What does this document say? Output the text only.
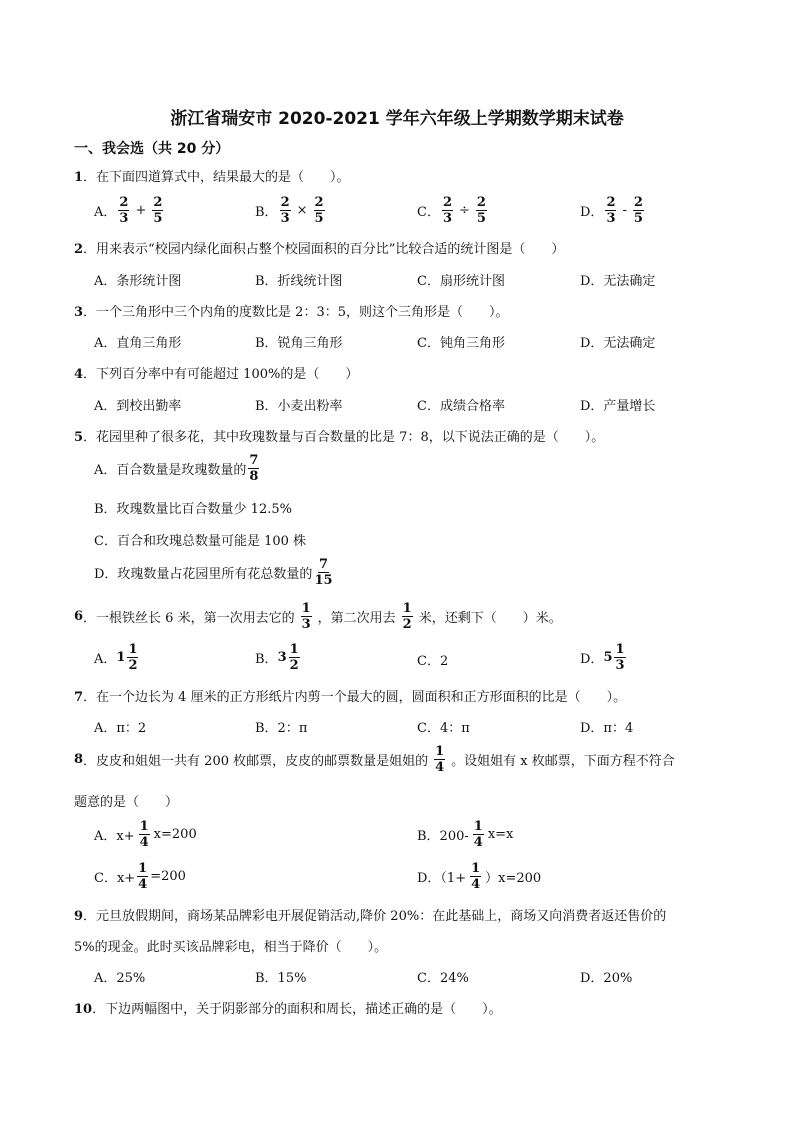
浙江省瑞安市 2020-2021 学年六年级上学期数学期末试卷
一、我会选（共 20 分）
1．在下面四道算式中，结果最大的是（　　）。
A． $\frac{2}{3} + \frac{2}{5}$	B． $\frac{2}{3} \times \frac{2}{5}$	C． $\frac{2}{3} \div \frac{2}{5}$	D． $\frac{2}{3} - \frac{2}{5}$
2．用来表示“校园内绿化面积占整个校园面积的百分比”比较合适的统计图是（　　）
A．条形统计图	B．折线统计图	C．扇形统计图	D．无法确定
3．一个三角形中三个内角的度数比是 2：3：5，则这个三角形是（　　）。
A．直角三角形	B．锐角三角形	C．钝角三角形	D．无法确定
4．下列百分率中有可能超过 100%的是（　　）
A．到校出勤率	B．小麦出粉率	C．成绩合格率	D．产量增长
5．花园里种了很多花，其中玫瑰数量与百合数量的比是 7：8，以下说法正确的是（　　）。
A．百合数量是玫瑰数量的 $\frac{7}{8}$
B．玫瑰数量比百合数量少 12.5%
C．百合和玫瑰总数量可能是 100 株
D．玫瑰数量占花园里所有花总数量的 $\frac{7}{15}$
6 ．一根铁丝长 6 米，第一次用去它的 $\frac{1}{3}$ ，第二次用去 $\frac{1}{2}$ 米，还剩下（　　）米。
A． $1 \frac{1}{2}$	B． $3 \frac{1}{2}$	C．2	D． $5 \frac{1}{3}$
7．在一个边长为 4 厘米的正方形纸片内剪一个最大的圆，圆面积和正方形面积的比是（　　）。
A．π：2	B．2：π	C．4：π	D．π：4
8 ．皮皮和姐姐一共有 200 枚邮票，皮皮的邮票数量是姐姐的 $\frac{1}{4}$ 。设姐姐有 x 枚邮票，下面方程不符合
题意的是（　　）
A．$x+ \frac{1}{4} x=200$	B．$200- \frac{1}{4} x=x$
C．$x+ \frac{1}{4} =200$	D．$(1+ \frac{1}{4} )x=200$
9．元旦放假期间，商场某品牌彩电开展促销活动,降价 20%：在此基础上，商场又向消费者返还售价的
5%的现金。此时买该品牌彩电，相当于降价（　　）。
A．25%	B．15%	C．24%	D．20%
10．下边两幅图中，关于阴影部分的面积和周长，描述正确的是（　　）。
